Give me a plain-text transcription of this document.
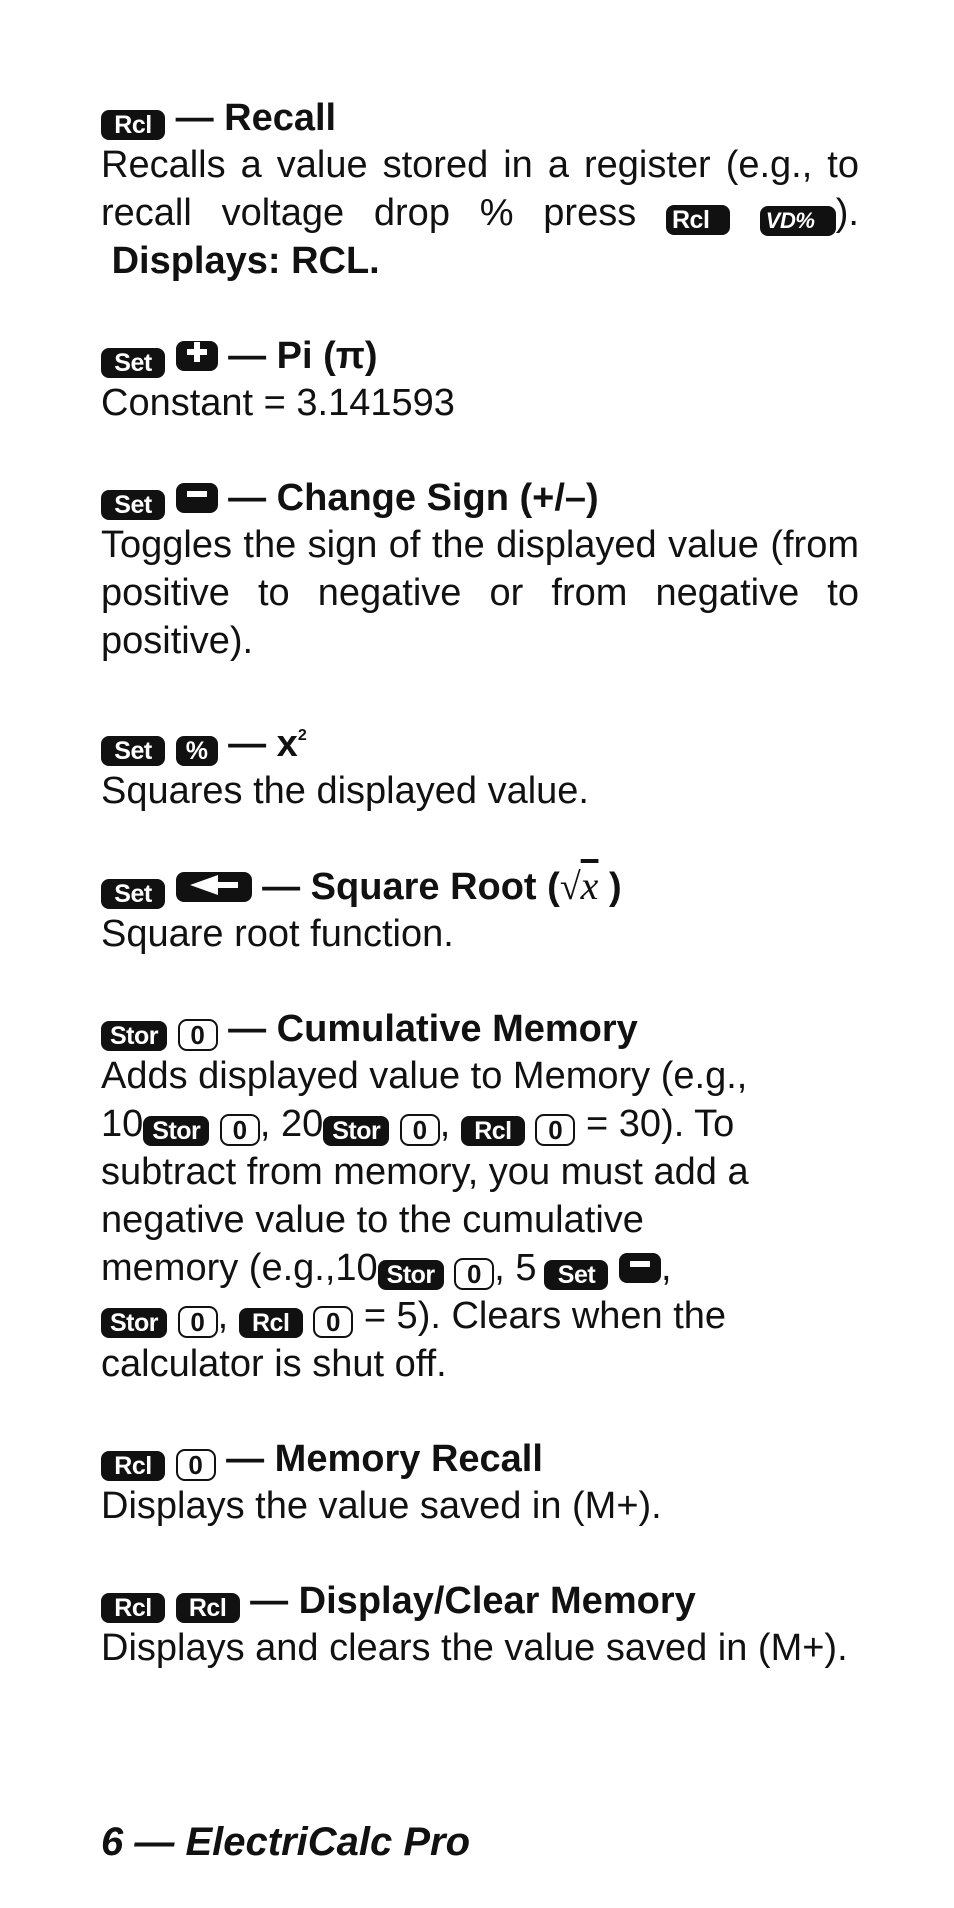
Rcl — Recall
Recalls a value stored in a register (e.g., to recall voltage drop % press Rcl	VD% ).  Displays: RCL.
Set — Pi (π)
Constant = 3.141593
Set — Change Sign (+/–)
Toggles the sign of the displayed value (from positive to negative or from negative to positive).
Set % — $x^2$
Squares the displayed value.
Set	— Square Root (√x )
Square root function.
Stor 0 — Cumulative Memory
Adds displayed value to Memory (e.g.,
10 Stor 0 , 20 Stor 0 , Rcl 0 = 30). To
subtract from memory, you must add a
negative value to the cumulative
memory (e.g.,10 Stor 0 , 5 Set ,
Stor 0 , Rcl 0 = 5). Clears when the
calculator is shut off.
Rcl 0 — Memory Recall
Displays the value saved in (M+).
Rcl Rcl — Display/Clear Memory
Displays and clears the value saved in (M+).
6 — ElectriCalc Pro
